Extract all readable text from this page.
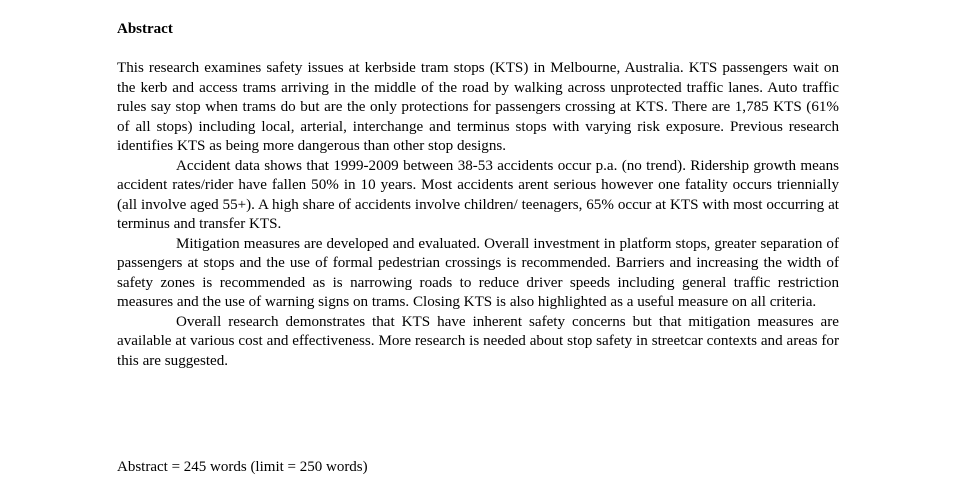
Abstract

This research examines safety issues at kerbside tram stops (KTS) in Melbourne, Australia. KTS passengers wait on the kerb and access trams arriving in the middle of the road by walking across unprotected traffic lanes. Auto traffic rules say stop when trams do but are the only protections for passengers crossing at KTS. There are 1,785 KTS (61% of all stops) including local, arterial, interchange and terminus stops with varying risk exposure. Previous research identifies KTS as being more dangerous than other stop designs.

Accident data shows that 1999-2009 between 38-53 accidents occur p.a. (no trend). Ridership growth means accident rates/rider have fallen 50% in 10 years. Most accidents arent serious however one fatality occurs triennially (all involve aged 55+). A high share of accidents involve children/ teenagers, 65% occur at KTS with most occurring at terminus and transfer KTS.

Mitigation measures are developed and evaluated. Overall investment in platform stops, greater separation of passengers at stops and the use of formal pedestrian crossings is recommended. Barriers and increasing the width of safety zones is recommended as is narrowing roads to reduce driver speeds including general traffic restriction measures and the use of warning signs on trams. Closing KTS is also highlighted as a useful measure on all criteria.

Overall research demonstrates that KTS have inherent safety concerns but that mitigation measures are available at various cost and effectiveness. More research is needed about stop safety in streetcar contexts and areas for this are suggested.

Abstract = 245 words (limit = 250 words)
